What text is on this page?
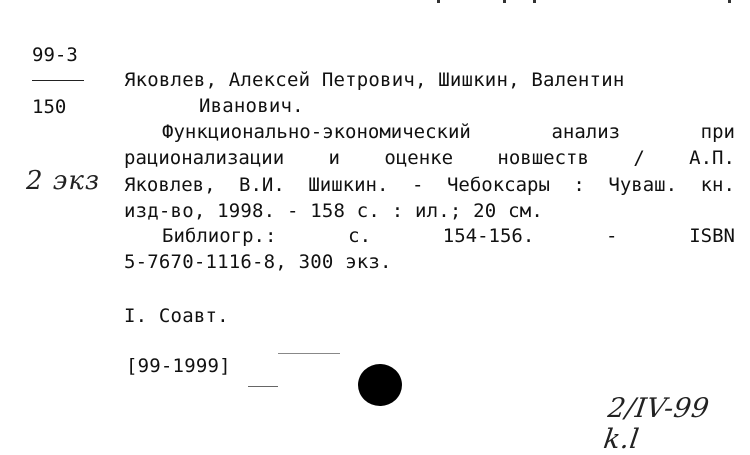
99-3
150
2 экз
Яковлев, Алексей Петрович, Шишкин, Валентин
Иванович.
Функционально-экономический	анализ	при
рационализации и оценке новшеств / А.П.
Яковлев, В.И. Шишкин. - Чебоксары : Чуваш. кн.
изд-во, 1998. - 158 с. : ил.; 20 см.
Библиогр.:	с.	154-156.	-	ISBN
5-7670-1116-8, 300 экз.
I. Соавт.
[99-1999]
2/IV-99 k.l
